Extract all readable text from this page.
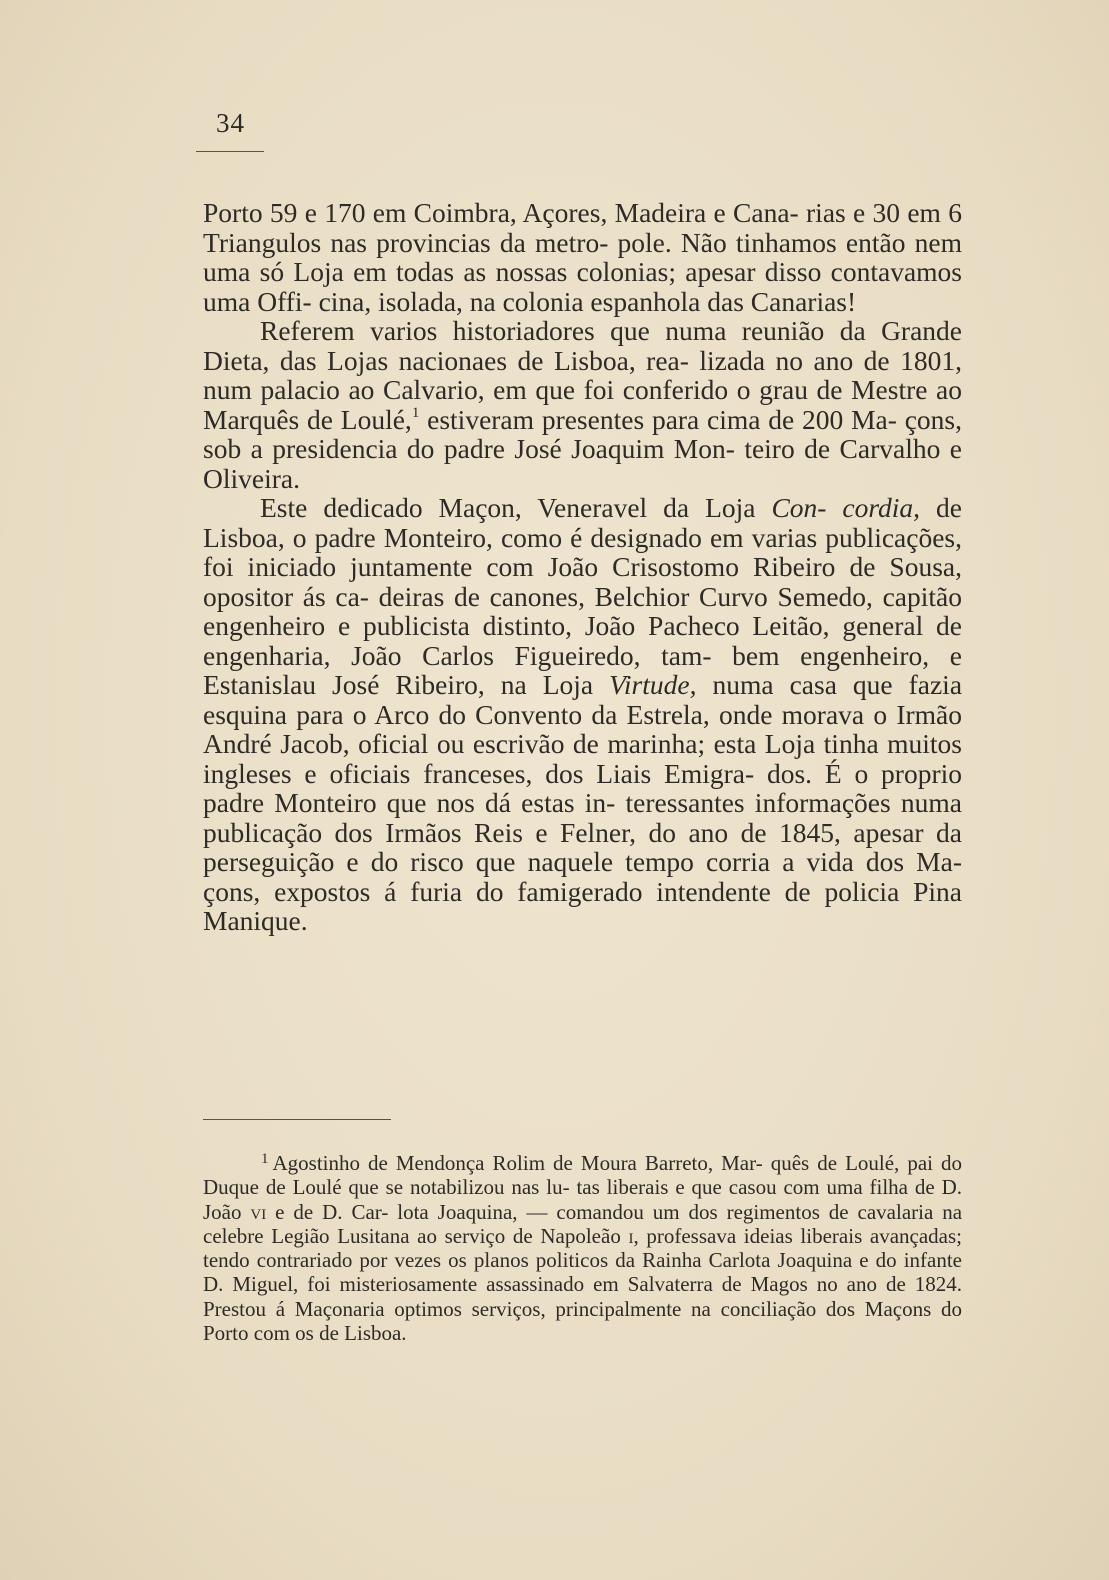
34

Porto 59 e 170 em Coimbra, Açores, Madeira e Cana- rias e 30 em 6 Triangulos nas provincias da metro- pole. Não tinhamos então nem uma só Loja em todas as nossas colonias; apesar disso contavamos uma Offi- cina, isolada, na colonia espanhola das Canarias!

Referem varios historiadores que numa reunião da Grande Dieta, das Lojas nacionaes de Lisboa, rea- lizada no ano de 1801, num palacio ao Calvario, em que foi conferido o grau de Mestre ao Marquês de Loulé,$^1$ estiveram presentes para cima de 200 Ma- çons, sob a presidencia do padre José Joaquim Mon- teiro de Carvalho e Oliveira.

Este dedicado Maçon, Veneravel da Loja Con- cordia, de Lisboa, o padre Monteiro, como é designado em varias publicações, foi iniciado juntamente com João Crisostomo Ribeiro de Sousa, opositor ás ca- deiras de canones, Belchior Curvo Semedo, capitão engenheiro e publicista distinto, João Pacheco Leitão, general de engenharia, João Carlos Figueiredo, tam- bem engenheiro, e Estanislau José Ribeiro, na Loja Virtude, numa casa que fazia esquina para o Arco do Convento da Estrela, onde morava o Irmão André Jacob, oficial ou escrivão de marinha; esta Loja tinha muitos ingleses e oficiais franceses, dos Liais Emigra- dos. É o proprio padre Monteiro que nos dá estas in- teressantes informações numa publicação dos Irmãos Reis e Felner, do ano de 1845, apesar da perseguição e do risco que naquele tempo corria a vida dos Ma- çons, expostos á furia do famigerado intendente de policia Pina Manique.

$^1$ Agostinho de Mendonça Rolim de Moura Barreto, Mar- quês de Loulé, pai do Duque de Loulé que se notabilizou nas lu- tas liberais e que casou com uma filha de D. João vi e de D. Car- lota Joaquina, — comandou um dos regimentos de cavalaria na celebre Legião Lusitana ao serviço de Napoleão i, professava ideias liberais avançadas; tendo contrariado por vezes os planos politicos da Rainha Carlota Joaquina e do infante D. Miguel, foi misteriosamente assassinado em Salvaterra de Magos no ano de 1824. Prestou á Maçonaria optimos serviços, principalmente na conciliação dos Maçons do Porto com os de Lisboa.
